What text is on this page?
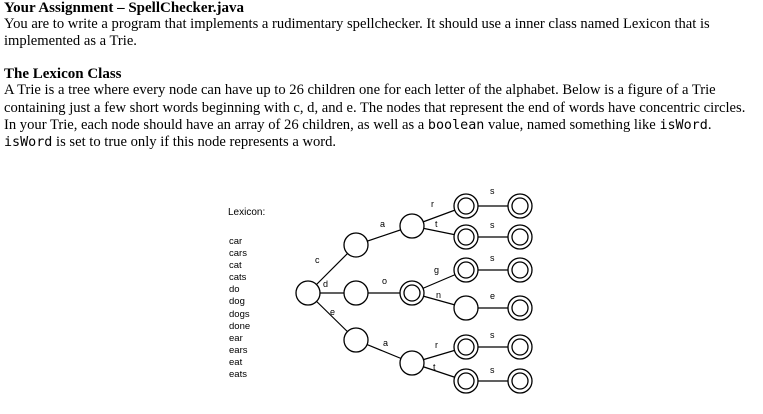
Your Assignment – SpellChecker.java

You are to write a program that implements a rudimentary spellchecker. It should use a inner class named Lexicon that is

implemented as a Trie.

The Lexicon Class

A Trie is a tree where every node can have up to 26 children one for each letter of the alphabet. Below is a figure of a Trie

containing just a few short words beginning with c, d, and e. The nodes that represent the end of words have concentric circles.

In your Trie, each node should have an array of 26 children, as well as a boolean value, named something like isWord.

isWord is set to true only if this node represents a word.

c
d
e
a
r
t
s
s
o
g
n
s
e
a	r
t
s
s

Lexicon:

car
cars
cat
cats
do
dog
dogs
done
ear
ears
eat
eats
